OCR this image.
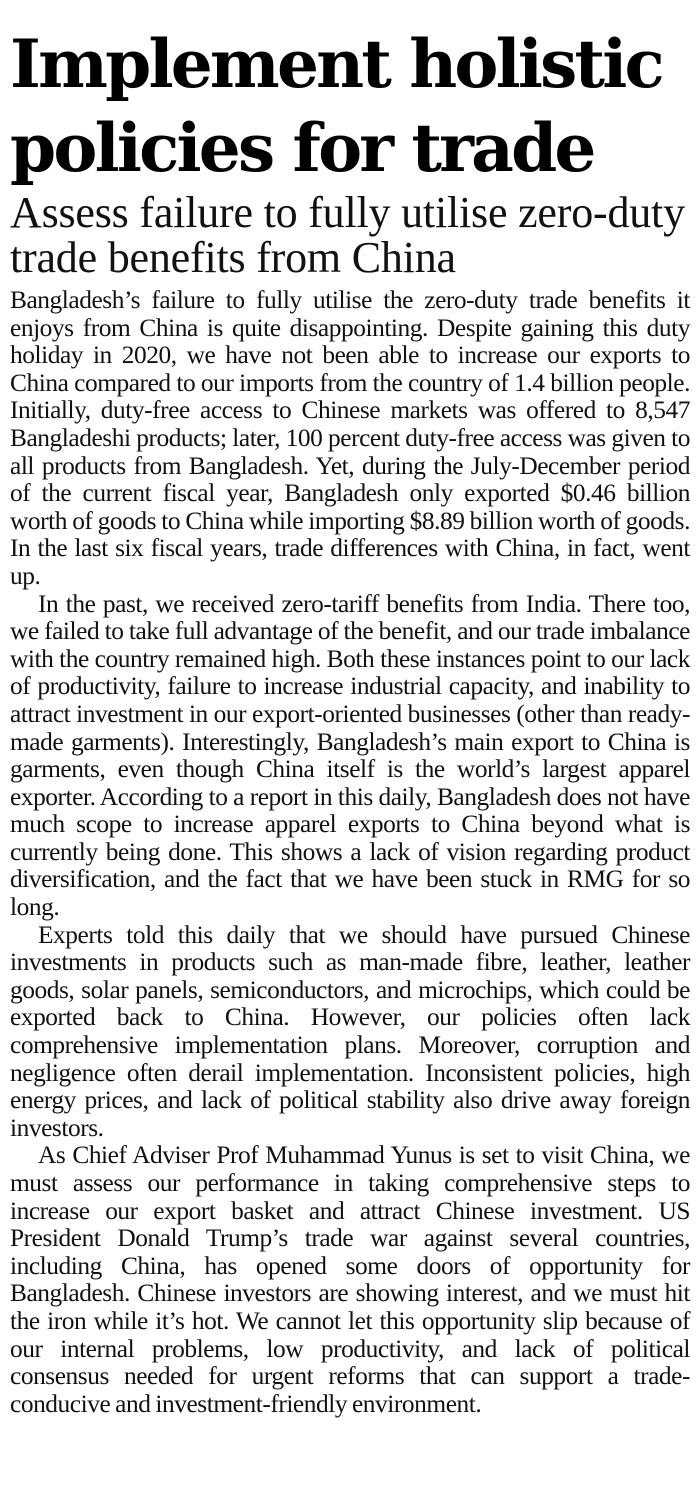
Implement holistic policies for trade
Assess failure to fully utilise zero-duty trade benefits from China

Bangladesh’s failure to fully utilise the zero-duty trade benefits it enjoys from China is quite disappointing. Despite gaining this duty holiday in 2020, we have not been able to increase our exports to China compared to our imports from the country of 1.4 billion people. Initially, duty-free access to Chinese markets was offered to 8,547 Bangladeshi products; later, 100 percent duty-free access was given to all products from Bangladesh. Yet, during the July-December period of the current fiscal year, Bangladesh only exported $0.46 billion worth of goods to China while importing $8.89 billion worth of goods. In the last six fiscal years, trade differences with China, in fact, went up.

In the past, we received zero-tariff benefits from India. There too, we failed to take full advantage of the benefit, and our trade imbalance with the country remained high. Both these instances point to our lack of productivity, failure to increase industrial capacity, and inability to attract investment in our export-oriented businesses (other than ready-made garments). Interestingly, Bangladesh’s main export to China is garments, even though China itself is the world’s largest apparel exporter. According to a report in this daily, Bangladesh does not have much scope to increase apparel exports to China beyond what is currently being done. This shows a lack of vision regarding product diversification, and the fact that we have been stuck in RMG for so long.

Experts told this daily that we should have pursued Chinese investments in products such as man-made fibre, leather, leather goods, solar panels, semiconductors, and microchips, which could be exported back to China. However, our policies often lack comprehensive implementation plans. Moreover, corruption and negligence often derail implementation. Inconsistent policies, high energy prices, and lack of political stability also drive away foreign investors.

As Chief Adviser Prof Muhammad Yunus is set to visit China, we must assess our performance in taking comprehensive steps to increase our export basket and attract Chinese investment. US President Donald Trump’s trade war against several countries, including China, has opened some doors of opportunity for Bangladesh. Chinese investors are showing interest, and we must hit the iron while it’s hot. We cannot let this opportunity slip because of our internal problems, low productivity, and lack of political consensus needed for urgent reforms that can support a trade-conducive and investment-friendly environment.
